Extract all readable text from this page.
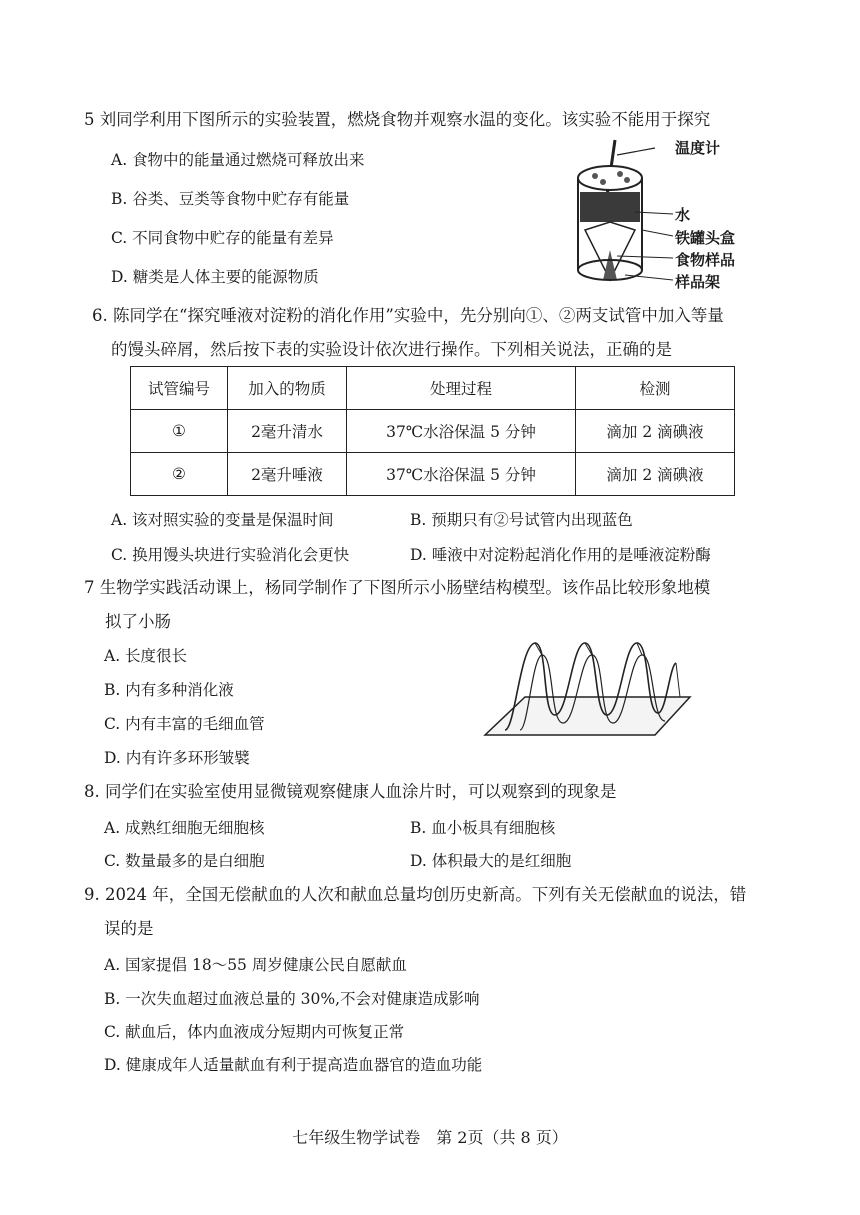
5 刘同学利用下图所示的实验装置，燃烧食物并观察水温的变化。该实验不能用于探究
A. 食物中的能量通过燃烧可释放出来
B. 谷类、豆类等食物中贮存有能量
C. 不同食物中贮存的能量有差异
D. 糖类是人体主要的能源物质
温度计
水
铁罐头盒
食物样品
样品架
6. 陈同学在“探究唾液对淀粉的消化作用”实验中，先分别向①、②两支试管中加入等量
的馒头碎屑，然后按下表的实验设计依次进行操作。下列相关说法，正确的是
试管编号	加入的物质	处理过程	检测
①	2毫升清水	37℃水浴保温 5 分钟	滴加 2 滴碘液
②	2毫升唾液	37℃水浴保温 5 分钟	滴加 2 滴碘液
A. 该对照实验的变量是保温时间	B. 预期只有②号试管内出现蓝色
C. 换用馒头块进行实验消化会更快	D. 唾液中对淀粉起消化作用的是唾液淀粉酶
7 生物学实践活动课上，杨同学制作了下图所示小肠壁结构模型。该作品比较形象地模
拟了小肠
A. 长度很长
B. 内有多种消化液
C. 内有丰富的毛细血管
D. 内有许多环形皱襞
8. 同学们在实验室使用显微镜观察健康人血涂片时，可以观察到的现象是
A. 成熟红细胞无细胞核	B. 血小板具有细胞核
C. 数量最多的是白细胞	D. 体积最大的是红细胞
9. 2024 年，全国无偿献血的人次和献血总量均创历史新高。下列有关无偿献血的说法，错
误的是
A. 国家提倡 18～55 周岁健康公民自愿献血
B. 一次失血超过血液总量的 30%,不会对健康造成影响
C. 献血后，体内血液成分短期内可恢复正常
D. 健康成年人适量献血有利于提高造血器官的造血功能
七年级生物学试卷　第 2页（共 8 页）
